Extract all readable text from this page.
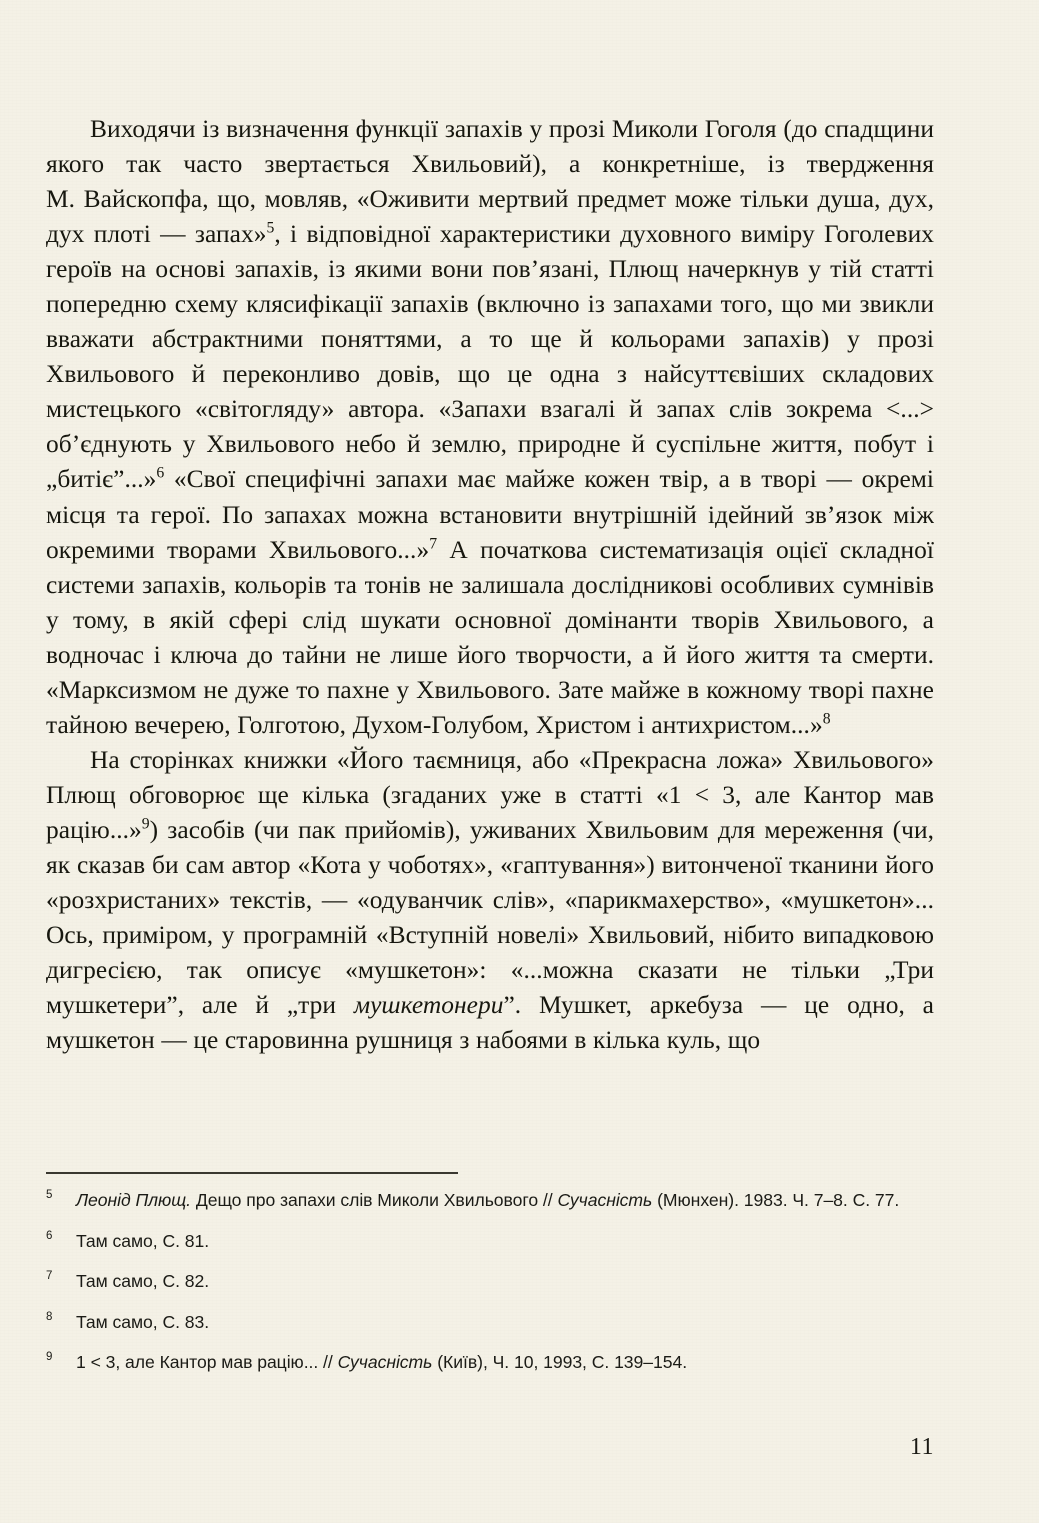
Виходячи із визначення функції запахів у прозі Миколи Гоголя (до спадщини якого так часто звертається Хвильовий), а конкретніше, із твердження М. Вайскопфа, що, мовляв, «Оживити мертвий предмет може тільки душа, дух, дух плоті — запах»$^5$, і відповідної характеристики духовного виміру Гоголевих героїв на основі запахів, із якими вони пов’язані, Плющ начеркнув у тій статті попередню схему клясифікації запахів (включно із запахами того, що ми звикли вважати абстрактними поняттями, а то ще й кольорами запахів) у прозі Хвильового й переконливо довів, що це одна з найсуттєвіших складових мистецького «світогляду» автора. «Запахи взагалі й запах слів зокрема <...> об’єднують у Хвильового небо й землю, природне й суспільне життя, побут і „битіє”...»$^6$ «Свої специфічні запахи має майже кожен твір, а в творі — окремі місця та герої. По запахах можна встановити внутрішній ідейний зв’язок між окремими творами Хвильового...»$^7$ А початкова систематизація оцієї складної системи запахів, кольорів та тонів не залишала дослідникові особливих сумнівів у тому, в якій сфері слід шукати основної домінанти творів Хвильового, а водночас і ключа до тайни не лише його творчости, а й його життя та смерти. «Марксизмом не дуже то пахне у Хвильового. Зате майже в кожному творі пахне тайною вечерею, Голготою, Духом-Голубом, Христом і антихристом...»$^8$

На сторінках книжки «Його таємниця, або «Прекрасна ложа» Хвильового» Плющ обговорює ще кілька (згаданих уже в статті «1 < 3, але Кантор мав рацію...»$^9$) засобів (чи пак прийомів), уживаних Хвильовим для мереження (чи, як сказав би сам автор «Кота у чоботях», «гаптування») витонченої тканини його «розхристаних» текстів, — «одуванчик слів», «парикмахерство», «мушкетон»... Ось, приміром, у програмній «Вступній новелі» Хвильовий, нібито випадковою дигресією, так описує «мушкетон»: «...можна сказати не тільки „Три мушкетери”, але й „три мушкетонери”. Мушкет, аркебуза — це одно, а мушкетон — це старовинна рушниця з набоями в кілька куль, що

5 Леонід Плющ. Дещо про запахи слів Миколи Хвильового // Сучасність (Мюнхен). 1983. Ч. 7–8. С. 77.
6 Там само, С. 81.
7 Там само, С. 82.
8 Там само, С. 83.
9 1 < 3, але Кантор мав рацію... // Сучасність (Київ), Ч. 10, 1993, С. 139–154.
11
